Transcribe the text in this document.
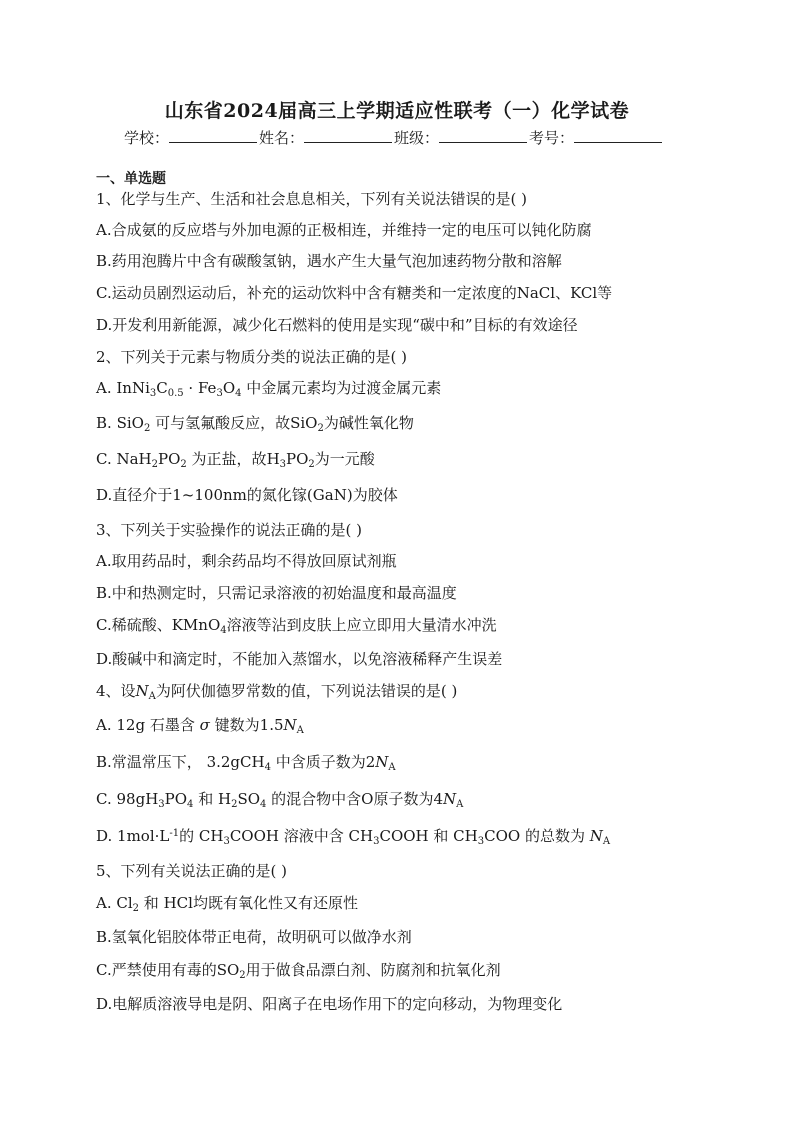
山东省2024届高三上学期适应性联考（一）化学试卷
学校：	姓名：	班级：	考号：
一、单选题
1、化学与生产、生活和社会息息相关，下列有关说法错误的是( )
A.合成氨的反应塔与外加电源的正极相连，并维持一定的电压可以钝化防腐
B.药用泡腾片中含有碳酸氢钠，遇水产生大量气泡加速药物分散和溶解
C.运动员剧烈运动后，补充的运动饮料中含有糖类和一定浓度的NaCl、KCl等
D.开发利用新能源，减少化石燃料的使用是实现“碳中和”目标的有效途径
2、下列关于元素与物质分类的说法正确的是( )
A. $InNi_3C_{0.5} \cdot Fe_3O_4$ 中金属元素均为过渡金属元素
B. SiO$_2$ 可与氢氟酸反应，故SiO$_2$为碱性氧化物
C. $NaH_2PO_2$ 为正盐，故$H_3PO_2$为一元酸
D.直径介于1~100nm的氮化镓(GaN)为胶体
3、下列关于实验操作的说法正确的是( )
A.取用药品时，剩余药品均不得放回原试剂瓶
B.中和热测定时，只需记录溶液的初始温度和最高温度
C.稀硫酸、KMnO$_4$溶液等沾到皮肤上应立即用大量清水冲洗
D.酸碱中和滴定时，不能加入蒸馏水，以免溶液稀释产生误差
4、设$N_A$为阿伏伽德罗常数的值，下列说法错误的是( )
A. 12g 石墨含 σ 键数为$1.5N_A$
B.常温常压下， 3.2gCH$_4$ 中含质子数为$2N_A$
C. $98gH_3PO_4$ 和 $H_2SO_4$ 的混合物中含O原子数为$4N_A$
D. $1mol\cdot L^{-1}$的 $CH_3COOH$ 溶液中含 $CH_3COOH$ 和 $CH_3COO$ 的总数为 $N_A$
5、下列有关说法正确的是( )
A. $Cl_2$ 和 HCl均既有氧化性又有还原性
B.氢氧化铝胶体带正电荷，故明矾可以做净水剂
C.严禁使用有毒的$SO_2$用于做食品漂白剂、防腐剂和抗氧化剂
D.电解质溶液导电是阴、阳离子在电场作用下的定向移动，为物理变化
